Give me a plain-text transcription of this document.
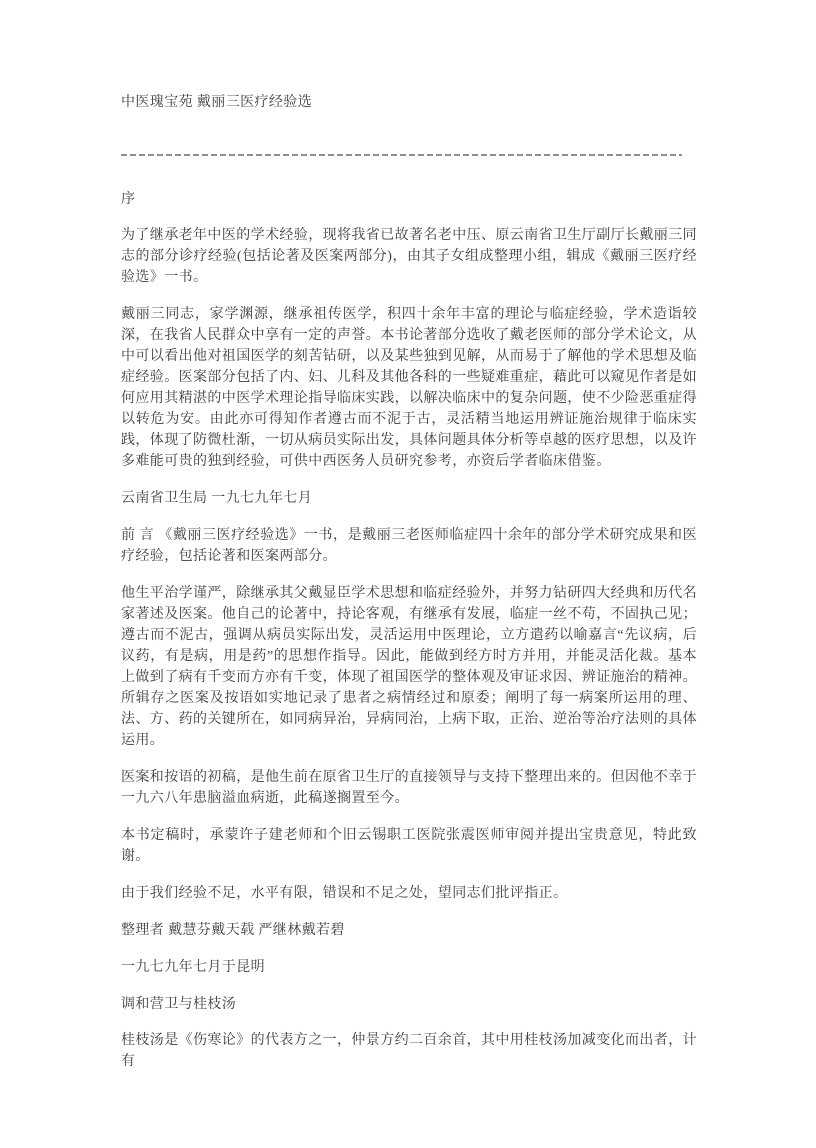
中医瑰宝苑 戴丽三医疗经验选

序

为了继承老年中医的学术经验，现将我省已故著名老中压、原云南省卫生厅副厅长戴丽三同志的部分诊疗经验(包括论著及医案两部分)，由其子女组成整理小组，辑成《戴丽三医疗经验选》一书。

戴丽三同志，家学渊源，继承祖传医学，积四十余年丰富的理论与临症经验，学术造诣较深，在我省人民群众中享有一定的声誉。本书论著部分选收了戴老医师的部分学术论文，从中可以看出他对祖国医学的刻苦钻研，以及某些独到见解，从而易于了解他的学术思想及临症经验。医案部分包括了内、妇、儿科及其他各科的一些疑难重症，藉此可以窥见作者是如何应用其精湛的中医学术理论指导临床实践，以解决临床中的复杂问题，使不少险恶重症得以转危为安。由此亦可得知作者遵古而不泥于古，灵活精当地运用辨证施治规律于临床实践，体现了防微杜渐，一切从病员实际出发，具体问题具体分析等卓越的医疗思想，以及许多难能可贵的独到经验，可供中西医务人员研究参考，亦资后学者临床借鉴。

云南省卫生局 一九七九年七月

前 言 《戴丽三医疗经验选》一书，是戴丽三老医师临症四十余年的部分学术研究成果和医疗经验，包括论著和医案两部分。

他生平治学谨严，除继承其父戴显臣学术思想和临症经验外，并努力钻研四大经典和历代名家著述及医案。他自己的论著中，持论客观，有继承有发展，临症一丝不苟，不固执己见；遵古而不泥古，强调从病员实际出发，灵活运用中医理论，立方遣药以喻嘉言“先议病，后议药，有是病，用是药”的思想作指导。因此，能做到经方时方并用，并能灵活化裁。基本上做到了病有千变而方亦有千变，体现了祖国医学的整体观及审证求因、辨证施治的精神。所辑存之医案及按语如实地记录了患者之病情经过和原委；阐明了每一病案所运用的理、法、方、药的关键所在，如同病异治，异病同治，上病下取，正治、逆治等治疗法则的具体运用。

医案和按语的初稿，是他生前在原省卫生厅的直接领导与支持下整理出来的。但因他不幸于一九六八年患脑溢血病逝，此稿遂搁置至今。

本书定稿时，承蒙许子建老师和个旧云锡职工医院张震医师审阅并提出宝贵意见，特此致谢。

由于我们经验不足，水平有限，错误和不足之处，望同志们批评指正。

整理者 戴慧芬戴天载 严继林戴若碧

一九七九年七月于昆明

调和营卫与桂枝汤

桂枝汤是《伤寒论》的代表方之一，仲景方约二百余首，其中用桂枝汤加减变化而出者，计有
